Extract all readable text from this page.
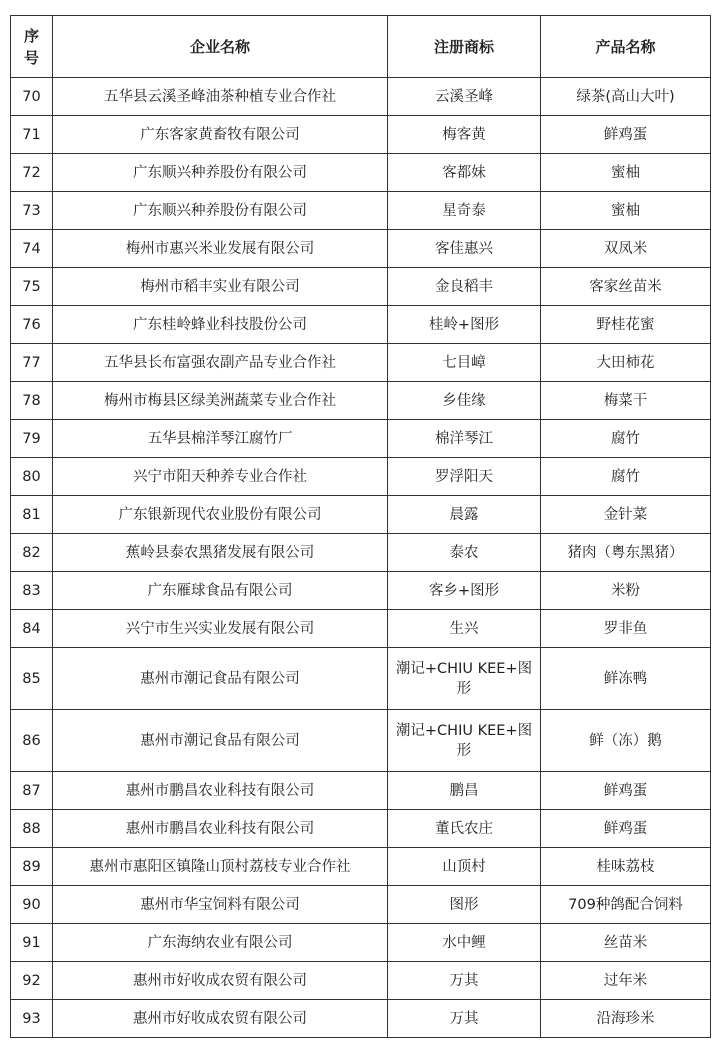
序
号	企业名称	注册商标	产品名称
70	五华县云溪圣峰油茶种植专业合作社	云溪圣峰	绿茶(高山大叶)
71	广东客家黄畜牧有限公司	梅客黄	鲜鸡蛋
72	广东顺兴种养股份有限公司	客都妹	蜜柚
73	广东顺兴种养股份有限公司	星奇泰	蜜柚
74	梅州市惠兴米业发展有限公司	客佳惠兴	双凤米
75	梅州市稻丰实业有限公司	金良稻丰	客家丝苗米
76	广东桂岭蜂业科技股份公司	桂岭+图形	野桂花蜜
77	五华县长布富强农副产品专业合作社	七目嶂	大田柿花
78	梅州市梅县区绿美洲蔬菜专业合作社	乡佳缘	梅菜干
79	五华县棉洋琴江腐竹厂	棉洋琴江	腐竹
80	兴宁市阳天种养专业合作社	罗浮阳天	腐竹
81	广东银新现代农业股份有限公司	晨露	金针菜
82	蕉岭县泰农黑猪发展有限公司	泰农	猪肉（粤东黑猪）
83	广东雁球食品有限公司	客乡+图形	米粉
84	兴宁市生兴实业发展有限公司	生兴	罗非鱼
85	惠州市潮记食品有限公司	潮记+CHIU KEE+图形	鲜冻鸭
86	惠州市潮记食品有限公司	潮记+CHIU KEE+图形	鲜（冻）鹅
87	惠州市鹏昌农业科技有限公司	鹏昌	鲜鸡蛋
88	惠州市鹏昌农业科技有限公司	董氏农庄	鲜鸡蛋
89	惠州市惠阳区镇隆山顶村荔枝专业合作社	山顶村	桂味荔枝
90	惠州市华宝饲料有限公司	图形	709种鸽配合饲料
91	广东海纳农业有限公司	水中鲤	丝苗米
92	惠州市好收成农贸有限公司	万其	过年米
93	惠州市好收成农贸有限公司	万其	沿海珍米
